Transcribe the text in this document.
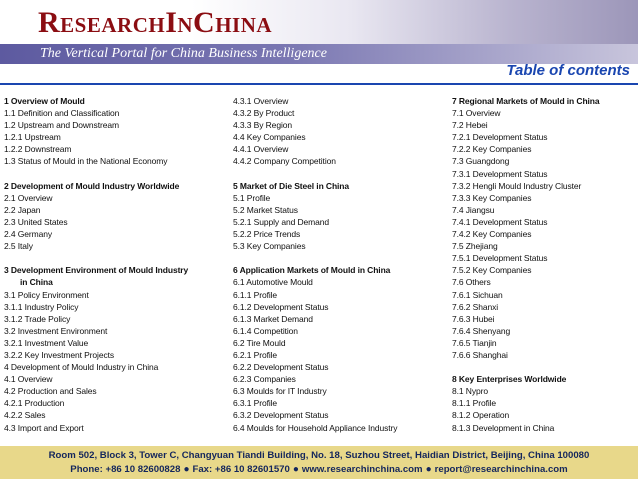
ResearchInChina
The Vertical Portal for China Business Intelligence
Table of contents
1 Overview of Mould
1.1 Definition and Classification
1.2 Upstream and Downstream
1.2.1 Upstream
1.2.2 Downstream
1.3 Status of Mould in the National Economy
2 Development of Mould Industry Worldwide
2.1 Overview
2.2 Japan
2.3 United States
2.4 Germany
2.5 Italy
3 Development Environment of Mould Industry
in China
3.1 Policy Environment
3.1.1 Industry Policy
3.1.2 Trade Policy
3.2 Investment Environment
3.2.1 Investment Value
3.2.2 Key Investment Projects
4 Development of Mould Industry in China
4.1 Overview
4.2 Production and Sales
4.2.1 Production
4.2.2 Sales
4.3 Import and Export
4.3.1 Overview
4.3.2 By Product
4.3.3 By Region
4.4 Key Companies
4.4.1 Overview
4.4.2 Company Competition
5 Market of Die Steel in China
5.1 Profile
5.2 Market Status
5.2.1 Supply and Demand
5.2.2 Price Trends
5.3 Key Companies
6 Application Markets of Mould in China
6.1 Automotive Mould
6.1.1 Profile
6.1.2 Development Status
6.1.3 Market Demand
6.1.4 Competition
6.2 Tire Mould
6.2.1 Profile
6.2.2 Development Status
6.2.3 Companies
6.3 Moulds for IT Industry
6.3.1 Profile
6.3.2 Development Status
6.4 Moulds for Household Appliance Industry
7 Regional Markets of Mould in China
7.1 Overview
7.2 Hebei
7.2.1 Development Status
7.2.2 Key Companies
7.3 Guangdong
7.3.1 Development Status
7.3.2 Hengli Mould Industry Cluster
7.3.3 Key Companies
7.4 Jiangsu
7.4.1 Development Status
7.4.2 Key Companies
7.5 Zhejiang
7.5.1 Development Status
7.5.2 Key Companies
7.6 Others
7.6.1 Sichuan
7.6.2 Shanxi
7.6.3 Hubei
7.6.4 Shenyang
7.6.5 Tianjin
7.6.6 Shanghai
8 Key Enterprises Worldwide
8.1 Nypro
8.1.1 Profile
8.1.2 Operation
8.1.3 Development in China
Room 502, Block 3, Tower C, Changyuan Tiandi Building, No. 18, Suzhou Street, Haidian District, Beijing, China 100080
Phone: +86 10 82600828 ● Fax: +86 10 82601570 ● www.researchinchina.com ● report@researchinchina.com
